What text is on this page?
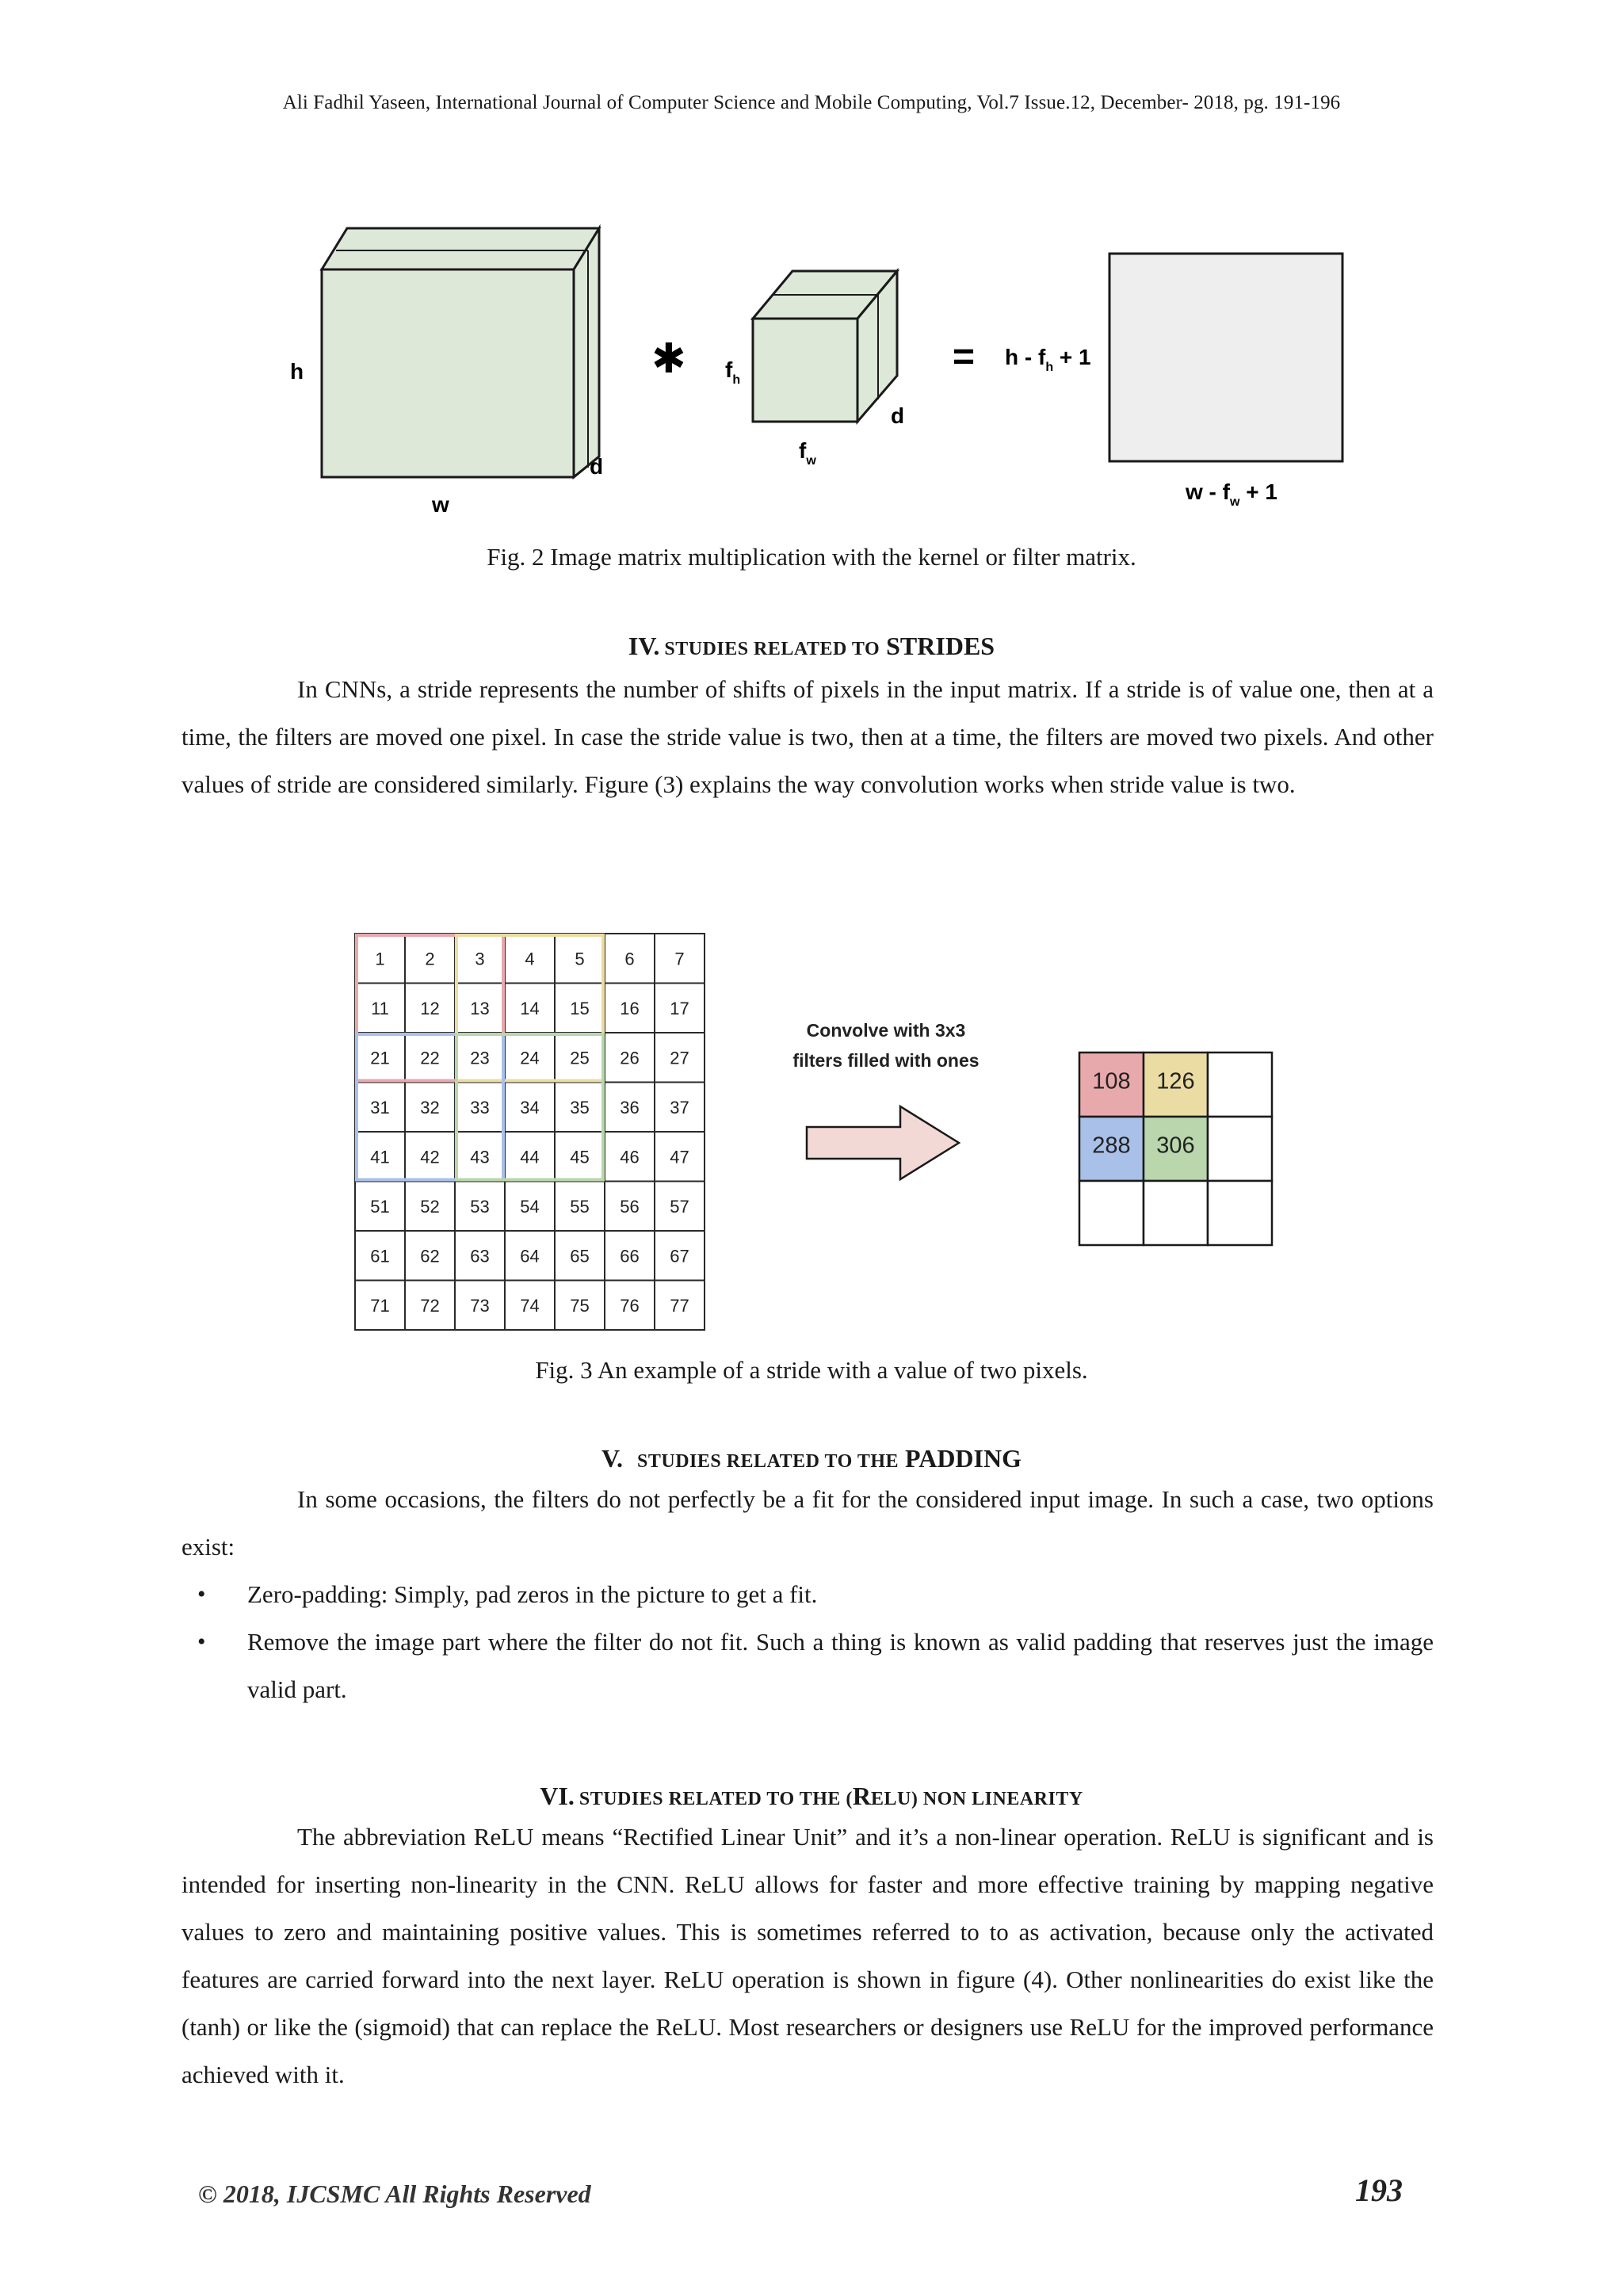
Ali Fadhil Yaseen, International Journal of Computer Science and Mobile Computing, Vol.7 Issue.12, December- 2018, pg. 191-196
h
w
d
✱ $f_h$
$f_w$
d
= $h - f_h + 1$
$w - f_w + 1$
Fig. 2 Image matrix multiplication with the kernel or filter matrix.
IV. STUDIES RELATED TO STRIDES

In CNNs, a stride represents the number of shifts of pixels in the input matrix. If a stride is of value one, then at a time, the filters are moved one pixel. In case the stride value is two, then at a time, the filters are moved two pixels. And other values of stride are considered similarly. Figure (3) explains the way convolution works when stride value is two.

1 2 3 4 5 6 7
11 12 13 14 15 16 17
21 22 23 24 25 26 27
31 32 33 34 35 36 37
41 42 43 44 45 46 47
51 52 53 54 55 56 57
61 62 63 64 65 66 67
71 72 73 74 75 76 77
Convolve with 3x3
filters filled with ones
108 126
288 306
Fig. 3 An example of a stride with a value of two pixels.
V. STUDIES RELATED TO THE PADDING

In some occasions, the filters do not perfectly be a fit for the considered input image. In such a case, two options exist:

• Zero-padding: Simply, pad zeros in the picture to get a fit.
• Remove the image part where the filter do not fit. Such a thing is known as valid padding that reserves just the image valid part.
VI. STUDIES RELATED TO THE (RELU) NON LINEARITY

The abbreviation ReLU means “Rectified Linear Unit” and it’s a non-linear operation. ReLU is significant and is intended for inserting non-linearity in the CNN. ReLU allows for faster and more effective training by mapping negative values to zero and maintaining positive values. This is sometimes referred to to as activation, because only the activated features are carried forward into the next layer. ReLU operation is shown in figure (4). Other nonlinearities do exist like the (tanh) or like the (sigmoid) that can replace the ReLU. Most researchers or designers use ReLU for the improved performance achieved with it.

© 2018, IJCSMC All Rights Reserved	193
